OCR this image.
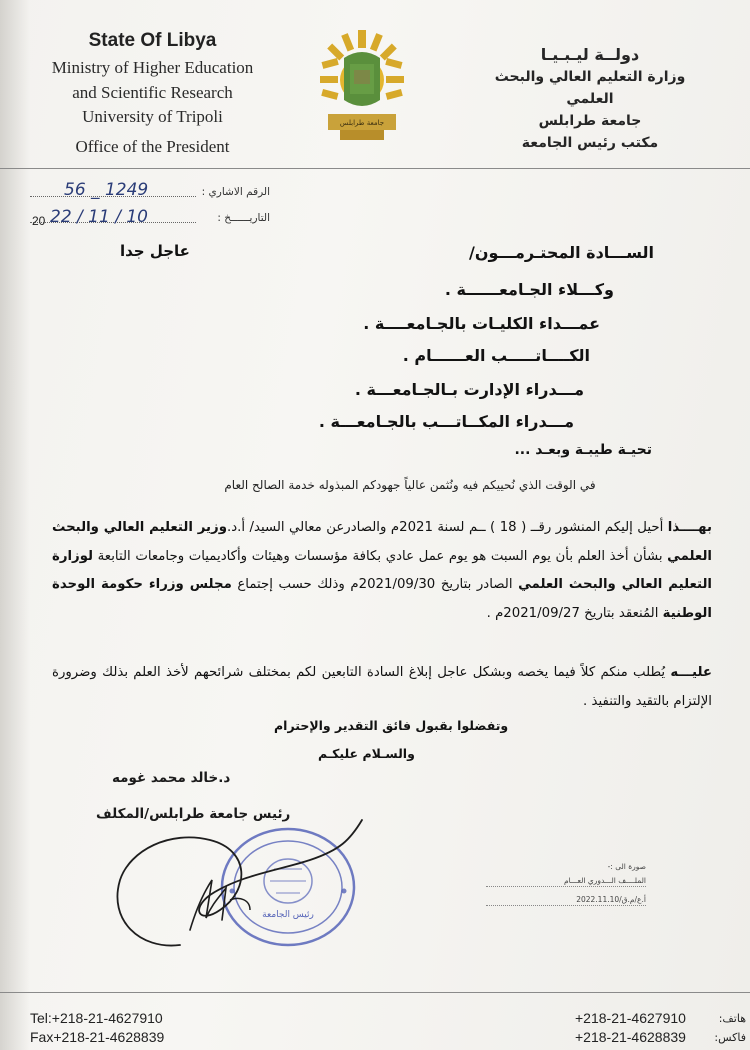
State Of Libya
Ministry of Higher Education
and Scientific Research
University of Tripoli
Office of the President
جامعة طرابلس
دولــة ليـبـيـا
وزارة التعليم العالي والبحث العلمي
جامعة طرابلس
مكتب رئيس الجامعة
الرقم الاشاري :
56 _ 1249
التاريــــــخ :
20 22 / 11 / 10
عاجل جدا	الســـادة المحتـرمـــون/
وكـــلاء الجـامعــــــة .
عمـــداء الكليـات بالجـامعــــة .
الكــــاتـــــب العــــــام .
مـــدراء الإدارت بـالجـامعـــة .
مـــدراء المكــاتـــب بالجـامعـــة .
تحيـة طيبـة وبعـد ...
في الوقت الذي نُحييكم فيه ونُثمن عالياً جهودكم المبذوله خدمة الصالح العام
بهــــذا أحيل إليكم المنشور رقــ ( 18 ) ــم لسنة 2021م والصادرعن معالي السيد/ أ.د.وزير التعليم العالي والبحث العلمي بشأن أخذ العلم بأن يوم السبت هو يوم عمل عادي بكافة مؤسسات وهيئات وأكاديميات وجامعات التابعة لوزارة التعليم العالي والبحث العلمي الصادر بتاريخ 2021/09/30م وذلك حسب إجتماع مجلس وزراء حكومة الوحدة الوطنية المُنعقد بتاريخ 2021/09/27م .
عليـــه يُطلب منكم كلاً فيما يخصه وبشكل عاجل إبلاغ السادة التابعين لكم بمختلف شرائحهم لأخذ العلم بذلك وضرورة الإلتزام بالتقيد والتنفيذ .
وتفضلوا بقبول فائق التقدير والإحترام
والسـلام عليكـم
د.خالد محمد غومه
رئيس جامعة طرابلس/المكلف
رئيس الجامعة
صورة الى :-
الملــــف الـــدوري العـــام
أ.ع/م.ق/2022.11.10
Tel:+218-21-4627910
Fax+218-21-4628839
+218-21-4627910
+218-21-4628839
هاتف:
فاكس:
